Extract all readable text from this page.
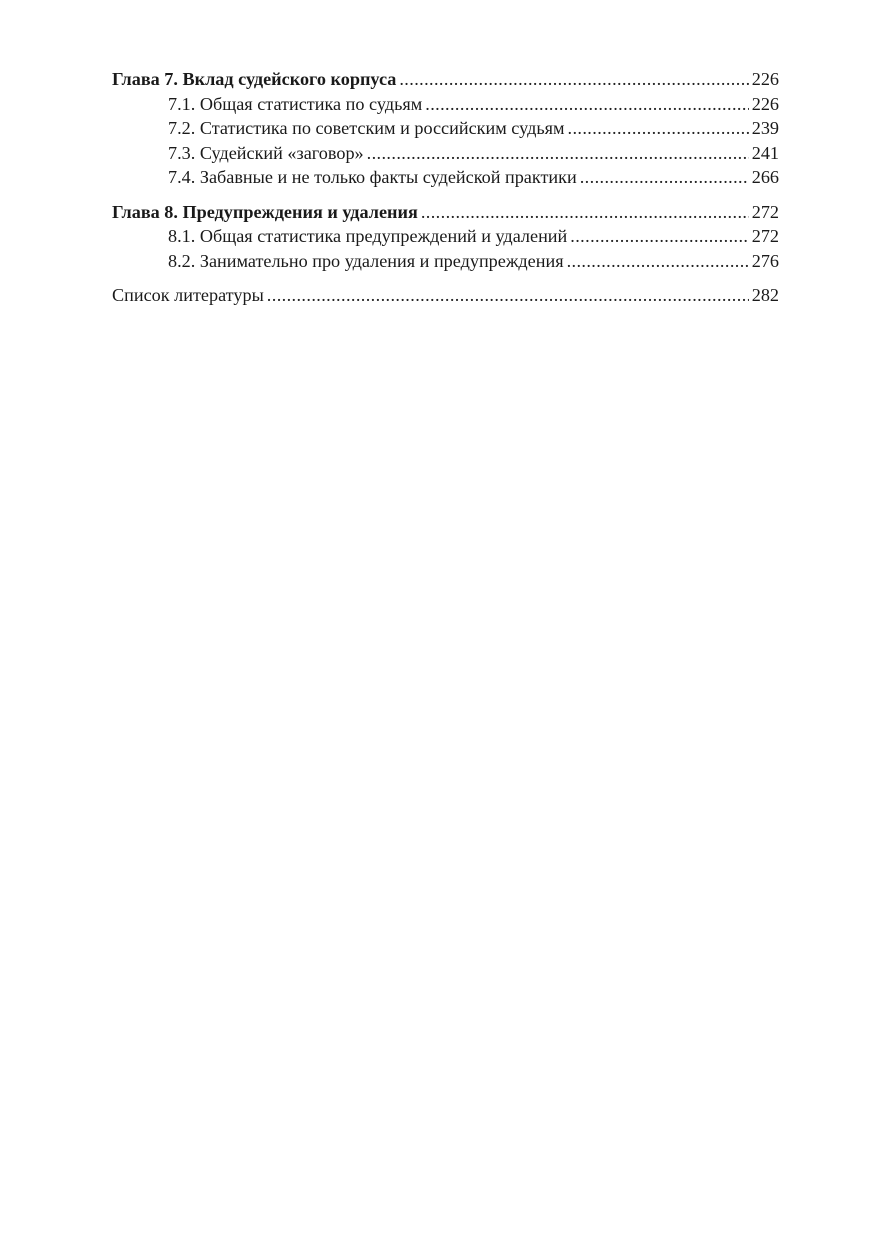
Глава 7. Вклад судейского корпуса .....	226
7.1. Общая статистика по судьям .....	226
7.2. Статистика по советским и российским судьям .....	239
7.3. Судейский «заговор» .....	241
7.4. Забавные и не только факты судейской практики .....	266
Глава 8. Предупреждения и удаления .....	272
8.1. Общая статистика предупреждений и удалений .....	272
8.2. Занимательно про удаления и предупреждения .....	276
Список литературы .....	282
